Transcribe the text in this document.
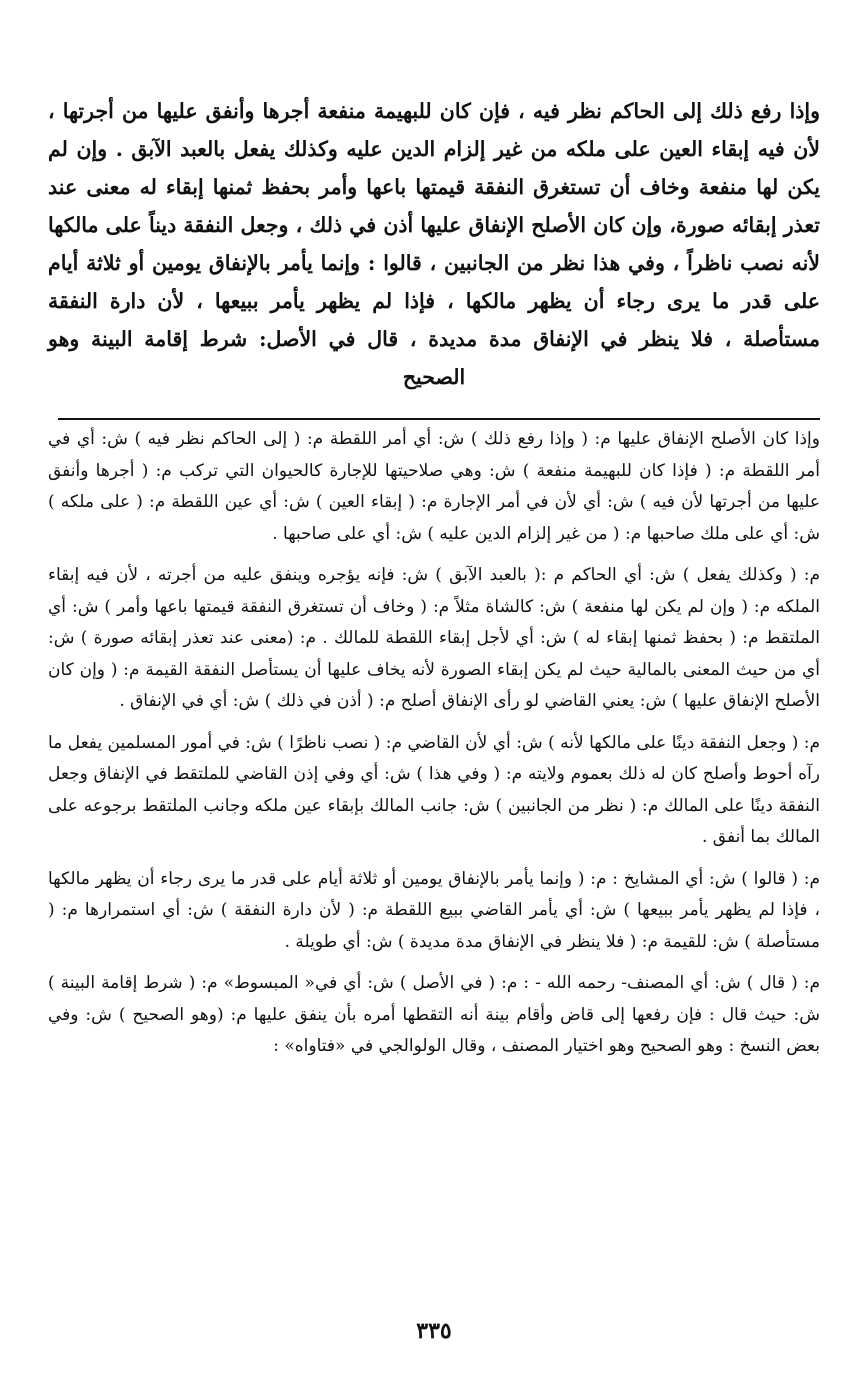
وإذا رفع ذلك إلى الحاكم نظر فيه ، فإن كان للبهيمة منفعة أجرها وأنفق عليها من أجرتها ، لأن فيه إبقاء العين على ملكه من غير إلزام الدين عليه وكذلك يفعل بالعبد الآبق . وإن لم يكن لها منفعة وخاف أن تستغرق النفقة قيمتها باعها وأمر بحفظ ثمنها إبقاء له معنى عند تعذر إبقائه صورة، وإن كان الأصلح الإنفاق عليها أذن في ذلك ، وجعل النفقة ديناً على مالكها لأنه نصب ناظراً ، وفي هذا نظر من الجانبين ، قالوا : وإنما يأمر بالإنفاق يومين أو ثلاثة أيام على قدر ما يرى رجاء أن يظهر مالكها ، فإذا لم يظهر يأمر ببيعها ، لأن دارة النفقة مستأصلة ، فلا ينظر في الإنفاق مدة مديدة ، قال في الأصل: شرط إقامة البينة وهو الصحيح

وإذا كان الأصلح الإنفاق عليها م: ( وإذا رفع ذلك ) ش: أي أمر اللقطة م: ( إلى الحاكم نظر فيه ) ش: أي في أمر اللقطة م: ( فإذا كان للبهيمة منفعة ) ش: وهي صلاحيتها للإجارة كالحيوان التي تركب م: ( أجرها وأنفق عليها من أجرتها لأن فيه ) ش: أي لأن في أمر الإجارة م: ( إبقاء العين ) ش: أي عين اللقطة م: ( على ملكه ) ش: أي على ملك صاحبها م: ( من غير إلزام الدين عليه ) ش: أي على صاحبها .

م: ( وكذلك يفعل ) ش: أي الحاكم م :( بالعبد الآبق ) ش: فإنه يؤجره وينفق عليه من أجرته ، لأن فيه إبقاء الملكه م: ( وإن لم يكن لها منفعة ) ش: كالشاة مثلاً م: ( وخاف أن تستغرق النفقة قيمتها باعها وأمر ) ش: أي الملتقط م: ( بحفظ ثمنها إبقاء له ) ش: أي لأجل إبقاء اللقطة للمالك . م: (معنى عند تعذر إبقائه صورة ) ش: أي من حيث المعنى بالمالية حيث لم يكن إبقاء الصورة لأنه يخاف عليها أن يستأصل النفقة القيمة م: ( وإن كان الأصلح الإنفاق عليها ) ش: يعني القاضي لو رأى الإنفاق أصلح م: ( أذن في ذلك ) ش: أي في الإنفاق .

م: ( وجعل النفقة دينًا على مالكها لأنه ) ش: أي لأن القاضي م: ( نصب ناظرًا ) ش: في أمور المسلمين يفعل ما رآه أحوط وأصلح كان له ذلك بعموم ولايته م: ( وفي هذا ) ش: أي وفي إذن القاضي للملتقط في الإنفاق وجعل النفقة دينًا على المالك م: ( نظر من الجانبين ) ش: جانب المالك بإبقاء عين ملكه وجانب الملتقط برجوعه على المالك بما أنفق .

م: ( قالوا ) ش: أي المشايخ : م: ( وإنما يأمر بالإنفاق يومين أو ثلاثة أيام على قدر ما يرى رجاء أن يظهر مالكها ، فإذا لم يظهر يأمر ببيعها ) ش: أي يأمر القاضي ببيع اللقطة م: ( لأن دارة النفقة ) ش: أي استمرارها م: ( مستأصلة ) ش: للقيمة م: ( فلا ينظر في الإنفاق مدة مديدة ) ش: أي طويلة .

م: ( قال ) ش: أي المصنف- رحمه الله - : م: ( في الأصل ) ش: أي في« المبسوط» م: ( شرط إقامة البينة ) ش: حيث قال : فإن رفعها إلى قاض وأقام بينة أنه التقطها أمره بأن ينفق عليها م: (وهو الصحيح ) ش: وفي بعض النسخ : وهو الصحيح وهو اختيار المصنف ، وقال الولوالجي في «فتاواه» :

٣٣٥
